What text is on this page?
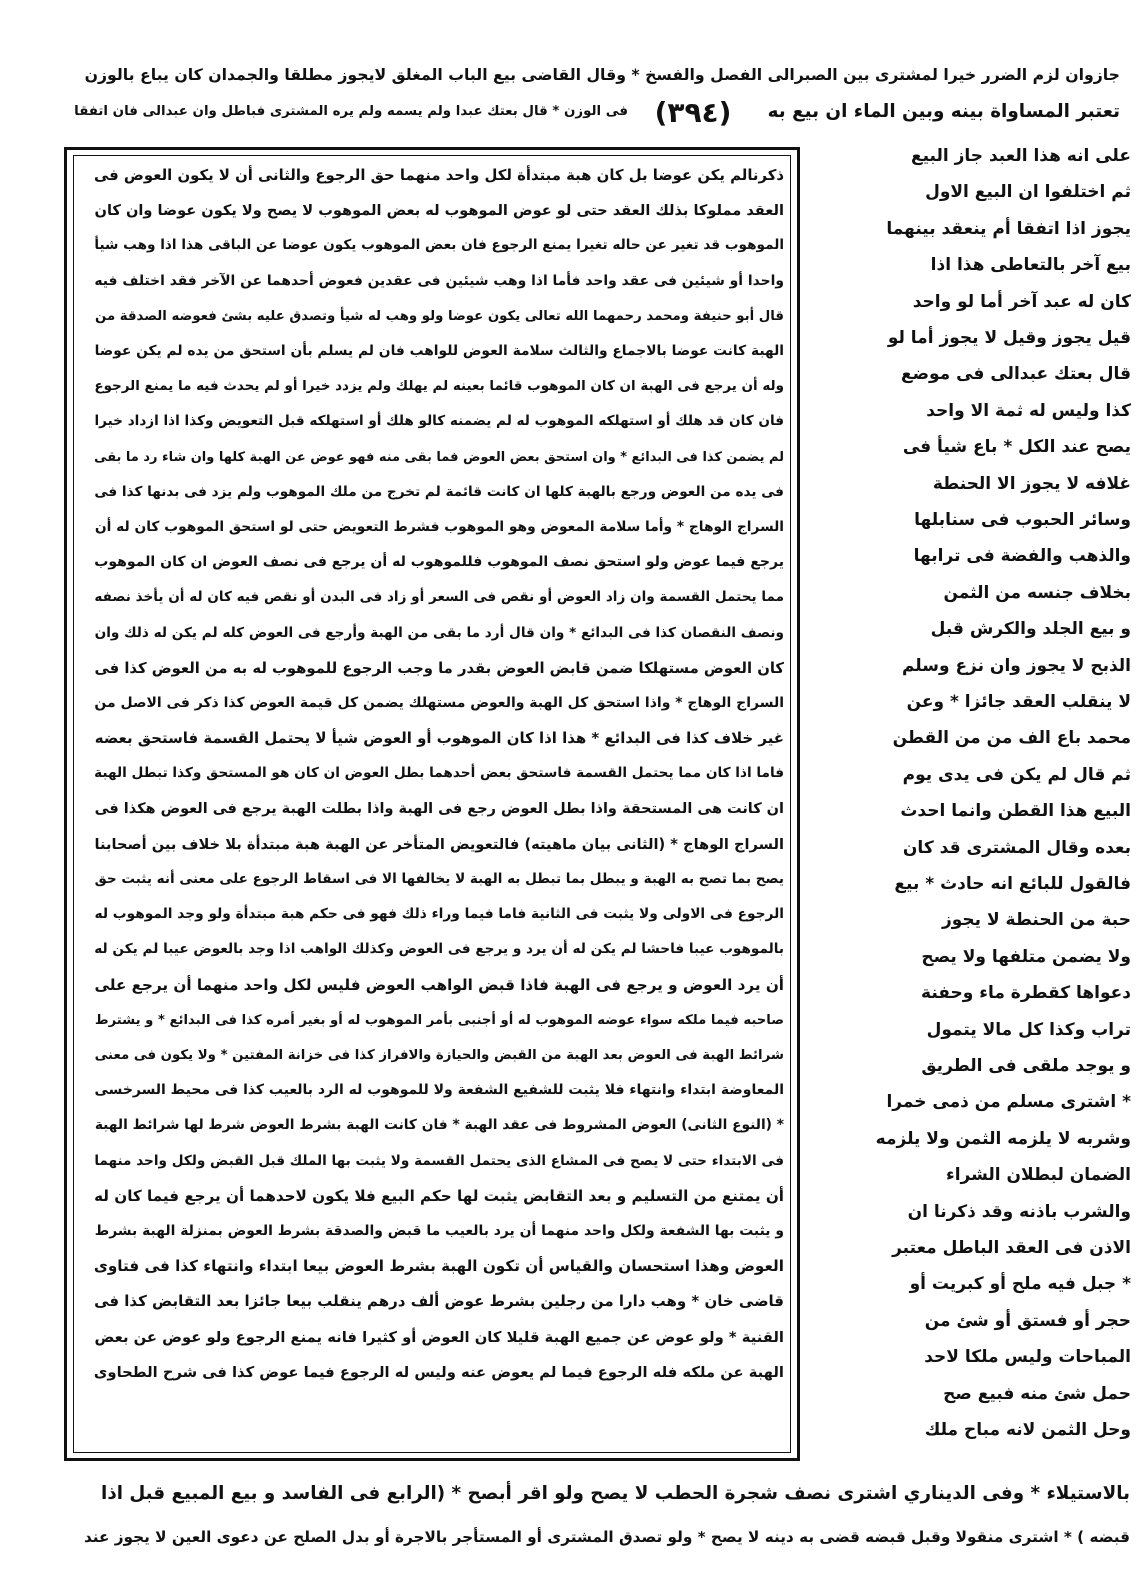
جازوان لزم الضرر خيرا لمشترى بين الصبرالى الفصل والفسخ * وقال القاضى بيع الباب المغلق لايجوز مطلقا والجمدان كان يباع بالوزن
تعتبر المساواة بينه وبين الماء ان بيع به
(٣٩٤)
فى الوزن * قال بعتك عبدا ولم يسمه ولم يره المشترى فباطل وان عبدالى فان اتفقا
ذكرنالم يكن عوضا بل كان هبة مبتدأة لكل واحد منهما حق الرجوع والثانى أن لا يكون العوض فى
العقد مملوكا بذلك العقد حتى لو عوض الموهوب له بعض الموهوب لا يصح ولا يكون عوضا وان كان
الموهوب قد تغير عن حاله تغيرا يمنع الرجوع فان بعض الموهوب يكون عوضا عن الباقى هذا اذا وهب شيأ
واحدا أو شيئين فى عقد واحد فأما اذا وهب شيئين فى عقدين فعوض أحدهما عن الآخر فقد اختلف فيه
قال أبو حنيفة ومحمد رحمهما الله تعالى يكون عوضا ولو وهب له شيأ وتصدق عليه بشئ فعوضه الصدقة من
الهبة كانت عوضا بالاجماع والثالث سلامة العوض للواهب فان لم يسلم بأن استحق من يده لم يكن عوضا
وله أن يرجع فى الهبة ان كان الموهوب قائما بعينه لم يهلك ولم يزدد خيرا أو لم يحدث فيه ما يمنع الرجوع
فان كان قد هلك أو استهلكه الموهوب له لم يضمنه كالو هلك أو استهلكه قبل التعويض وكذا اذا ازداد خيرا
لم يضمن كذا فى البدائع * وان استحق بعض العوض فما بقى منه فهو عوض عن الهبة كلها وان شاء رد ما بقى
فى يده من العوض ورجع بالهبة كلها ان كانت قائمة لم تخرج من ملك الموهوب ولم يزد فى بدنها كذا فى
السراج الوهاج * وأما سلامة المعوض وهو الموهوب فشرط التعويض حتى لو استحق الموهوب كان له أن
يرجع فيما عوض ولو استحق نصف الموهوب فللموهوب له أن يرجع فى نصف العوض ان كان الموهوب
مما يحتمل القسمة وان زاد العوض أو نقص فى السعر أو زاد فى البدن أو نقص فيه كان له أن يأخذ نصفه
ونصف النقصان كذا فى البدائع * وان قال أرد ما بقى من الهبة وأرجع فى العوض كله لم يكن له ذلك وان
كان العوض مستهلكا ضمن قابض العوض بقدر ما وجب الرجوع للموهوب له به من العوض كذا فى
السراج الوهاج * واذا استحق كل الهبة والعوض مستهلك يضمن كل قيمة العوض كذا ذكر فى الاصل من
غير خلاف كذا فى البدائع * هذا اذا كان الموهوب أو العوض شيأ لا يحتمل القسمة فاستحق بعضه
فاما اذا كان مما يحتمل القسمة فاستحق بعض أحدهما بطل العوض ان كان هو المستحق وكذا تبطل الهبة
ان كانت هى المستحقة واذا بطل العوض رجع فى الهبة واذا بطلت الهبة يرجع فى العوض هكذا فى
السراج الوهاج * (الثانى بيان ماهيته) فالتعويض المتأخر عن الهبة هبة مبتدأة بلا خلاف بين أصحابنا
يصح بما تصح به الهبة و يبطل بما تبطل به الهبة لا يخالفها الا فى اسقاط الرجوع على معنى أنه يثبت حق
الرجوع فى الاولى ولا يثبت فى الثانية فاما فيما وراء ذلك فهو فى حكم هبة مبتدأة ولو وجد الموهوب له
بالموهوب عيبا فاحشا لم يكن له أن يرد و يرجع فى العوض وكذلك الواهب اذا وجد بالعوض عيبا لم يكن له
أن يرد العوض و يرجع فى الهبة فاذا قبض الواهب العوض فليس لكل واحد منهما أن يرجع على
صاحبه فيما ملكه سواء عوضه الموهوب له أو أجنبى بأمر الموهوب له أو بغير أمره كذا فى البدائع * و يشترط
شرائط الهبة فى العوض بعد الهبة من القبض والحيازة والافراز كذا فى خزانة المفتين * ولا يكون فى معنى
المعاوضة ابتداء وانتهاء فلا يثبت للشفيع الشفعة ولا للموهوب له الرد بالعيب كذا فى محيط السرخسى
* (النوع الثانى) العوض المشروط فى عقد الهبة * فان كانت الهبة بشرط العوض شرط لها شرائط الهبة
فى الابتداء حتى لا يصح فى المشاع الذى يحتمل القسمة ولا يثبت بها الملك قبل القبض ولكل واحد منهما
أن يمتنع من التسليم و بعد التقابض يثبت لها حكم البيع فلا يكون لاحدهما أن يرجع فيما كان له
و يثبت بها الشفعة ولكل واحد منهما أن يرد بالعيب ما قبض والصدقة بشرط العوض بمنزلة الهبة بشرط
العوض وهذا استحسان والقياس أن تكون الهبة بشرط العوض بيعا ابتداء وانتهاء كذا فى فتاوى
قاضى خان * وهب دارا من رجلين بشرط عوض ألف درهم ينقلب بيعا جائزا بعد التقابض كذا فى
القنية * ولو عوض عن جميع الهبة قليلا كان العوض أو كثيرا فانه يمنع الرجوع ولو عوض عن بعض
الهبة عن ملكه فله الرجوع فيما لم يعوض عنه وليس له الرجوع فيما عوض كذا فى شرح الطحاوى
على انه هذا العبد جاز البيع
ثم اختلفوا ان البيع الاول
يجوز اذا اتفقا أم ينعقد بينهما
بيع آخر بالتعاطى هذا اذا
كان له عبد آخر أما لو واحد
قيل يجوز وقيل لا يجوز أما لو
قال بعتك عبدالى فى موضع
كذا وليس له ثمة الا واحد
يصح عند الكل * باع شيأ فى
غلافه لا يجوز الا الحنطة
وسائر الحبوب فى سنابلها
والذهب والفضة فى ترابها
بخلاف جنسه من الثمن
و بيع الجلد والكرش قبل
الذبح لا يجوز وان نزع وسلم
لا ينقلب العقد جائزا * وعن
محمد باع الف من من القطن
ثم قال لم يكن فى يدى يوم
البيع هذا القطن وانما احدث
بعده وقال المشترى قد كان
فالقول للبائع انه حادث * بيع
حبة من الحنطة لا يجوز
ولا يضمن متلفها ولا يصح
دعواها كقطرة ماء وحفنة
تراب وكذا كل مالا يتمول
و يوجد ملقى فى الطريق
* اشترى مسلم من ذمى خمرا
وشربه لا يلزمه الثمن ولا يلزمه
الضمان لبطلان الشراء
والشرب باذنه وقد ذكرنا ان
الاذن فى العقد الباطل معتبر
* جبل فيه ملح أو كبريت أو
حجر أو فستق أو شئ من
المباحات وليس ملكا لاحد
حمل شئ منه فبيع صح
وحل الثمن لانه مباح ملك
بالاستيلاء * وفى الديناري اشترى نصف شجرة الحطب لا يصح ولو اقر أبصح * (الرابع فى الفاسد و بيع المبيع قبل اذا
قبضه ) * اشترى منقولا وقبل قبضه قضى به دينه لا يصح * ولو تصدق المشترى أو المستأجر بالاجرة أو بدل الصلح عن دعوى العين لا يجوز عند
